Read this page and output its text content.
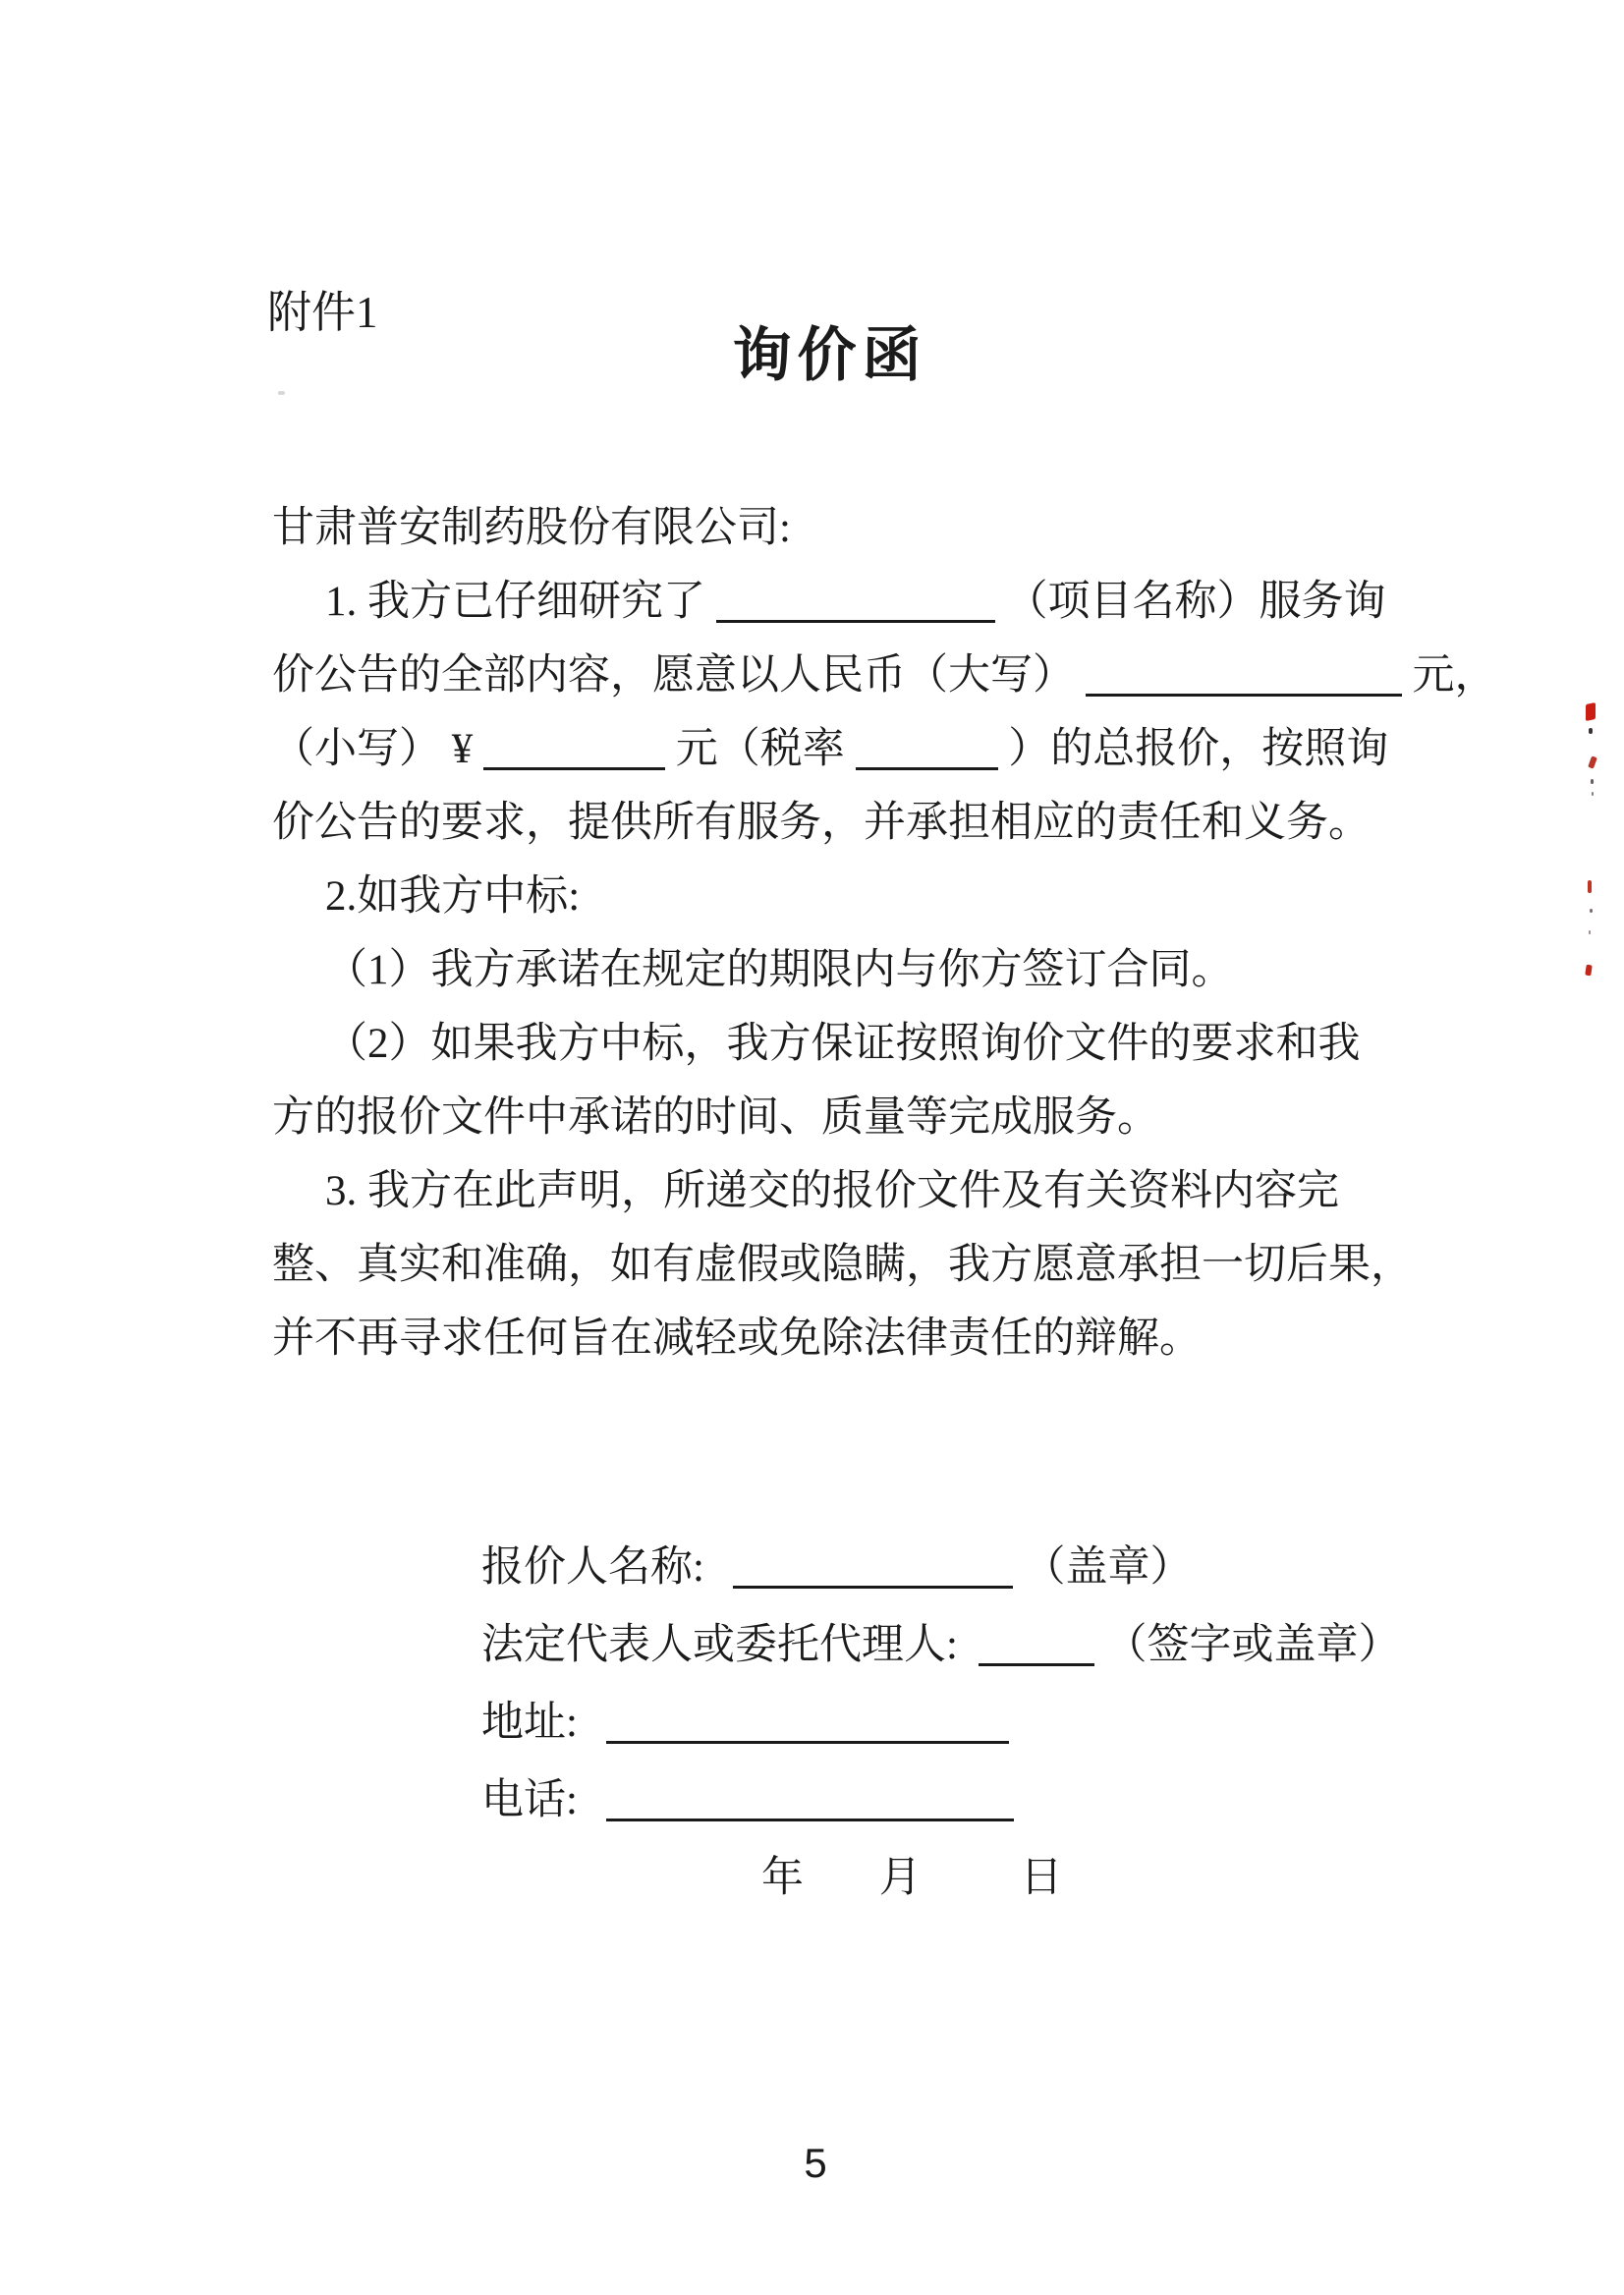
附件1
询价函
甘肃普安制药股份有限公司:
1. 我方已仔细研究了	（项目名称）服务询
价公告的全部内容，愿意以人民币（大写）	元，
（小写） ¥	元（税率	）的总报价，按照询
价公告的要求，提供所有服务，并承担相应的责任和义务。
2.如我方中标:
（1）我方承诺在规定的期限内与你方签订合同。
（2）如果我方中标，我方保证按照询价文件的要求和我
方的报价文件中承诺的时间、质量等完成服务。
3. 我方在此声明，所递交的报价文件及有关资料内容完
整、真实和准确，如有虚假或隐瞒，我方愿意承担一切后果，
并不再寻求任何旨在减轻或免除法律责任的辩解。
报价人名称:	（盖章）
法定代表人或委托代理人:	（签字或盖章）
地址:
电话:
年 月 日
5
